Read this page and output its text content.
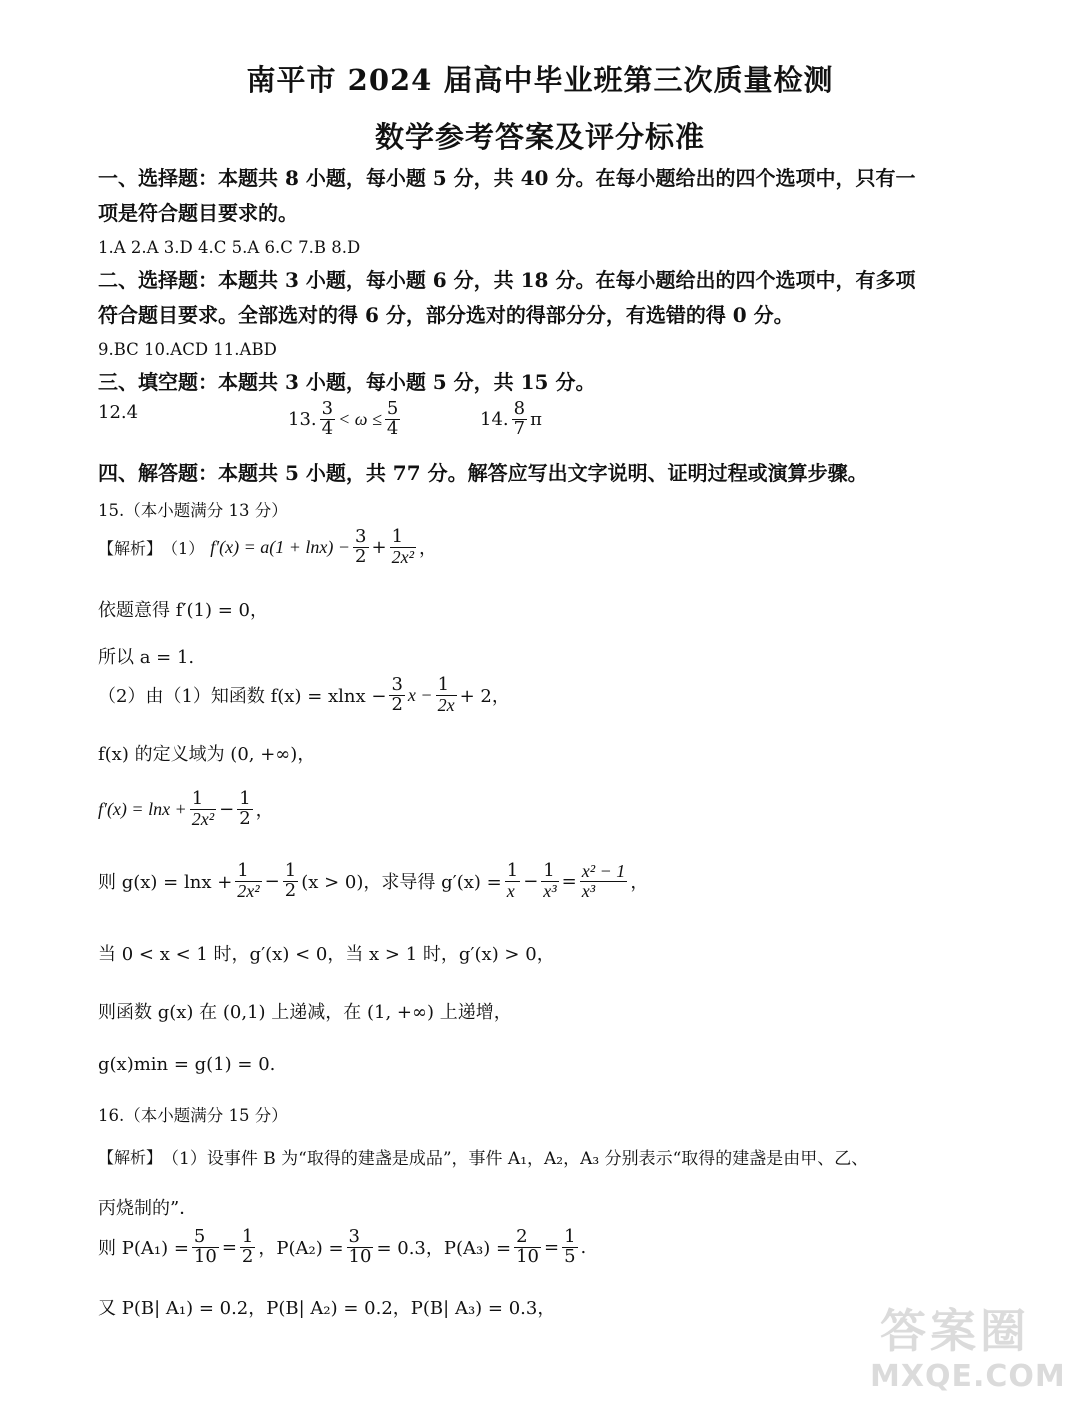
南平市 2024 届高中毕业班第三次质量检测
数学参考答案及评分标准
一、选择题：本题共 8 小题，每小题 5 分，共 40 分。在每小题给出的四个选项中，只有一
项是符合题目要求的。
1.A 2.A 3.D 4.C 5.A 6.C 7.B 8.D
二、选择题：本题共 3 小题，每小题 6 分，共 18 分。在每小题给出的四个选项中，有多项
符合题目要求。全部选对的得 6 分，部分选对的得部分分，有选错的得 0 分。
9.BC 10.ACD 11.ABD
三、填空题：本题共 3 小题，每小题 5 分，共 15 分。
12.4	13. $\frac{3}{4} < \omega \le \frac{5}{4}$	14. $\frac{8}{7}$ π
四、解答题：本题共 5 小题，共 77 分。解答应写出文字说明、证明过程或演算步骤。
15.（本小题满分 13 分）
【解析】 （1） $f'(x) = a(1 + \ln x) - \frac{3}{2} + \frac{1}{\text{2x²}}$ ，
依题意得 f′(1) = 0，
所以 a = 1.
（2）由（1）知函数 $f(x) = xlnx - \frac{3}{2}$ $x - \frac{1}{2x} + 2$，
f(x) 的定义域为 (0, +∞)，
$f'(x) = \ln x + \frac{1}{\text{2x²}} - \frac{1}{2}$ ，
则 $g(x) = \ln x + \frac{1}{\text{2x²}} - \frac{1}{2} (x > 0)$，求导得 $g'(x) = \frac{1}{x} - \frac{1}{\text{x³}} = \frac{\text{x² − 1}}{\text{x³}}$ ，
当 0 < x < 1 时，g′(x) < 0，当 x > 1 时，g′(x) > 0，
则函数 g(x) 在 (0,1) 上递减，在 (1, +∞) 上递增，
g(x)min = g(1) = 0.
16.（本小题满分 15 分）
【解析】 （1）设事件 B 为“取得的建盏是成品”，事件 A₁，A₂，A₃ 分别表示“取得的建盏是由甲、乙、
丙烧制的”．
则 $P(A_1) = \frac{5}{10} = \frac{1}{2}$ ，$P(A_2) = \frac{3}{10} = 0.3$，$P(A_3) = \frac{2}{10} = \frac{1}{5}$ .
又 P(B| A₁) = 0.2，P(B| A₂) = 0.2，P(B| A₃) = 0.3，	答案圈
MXQE.COM
